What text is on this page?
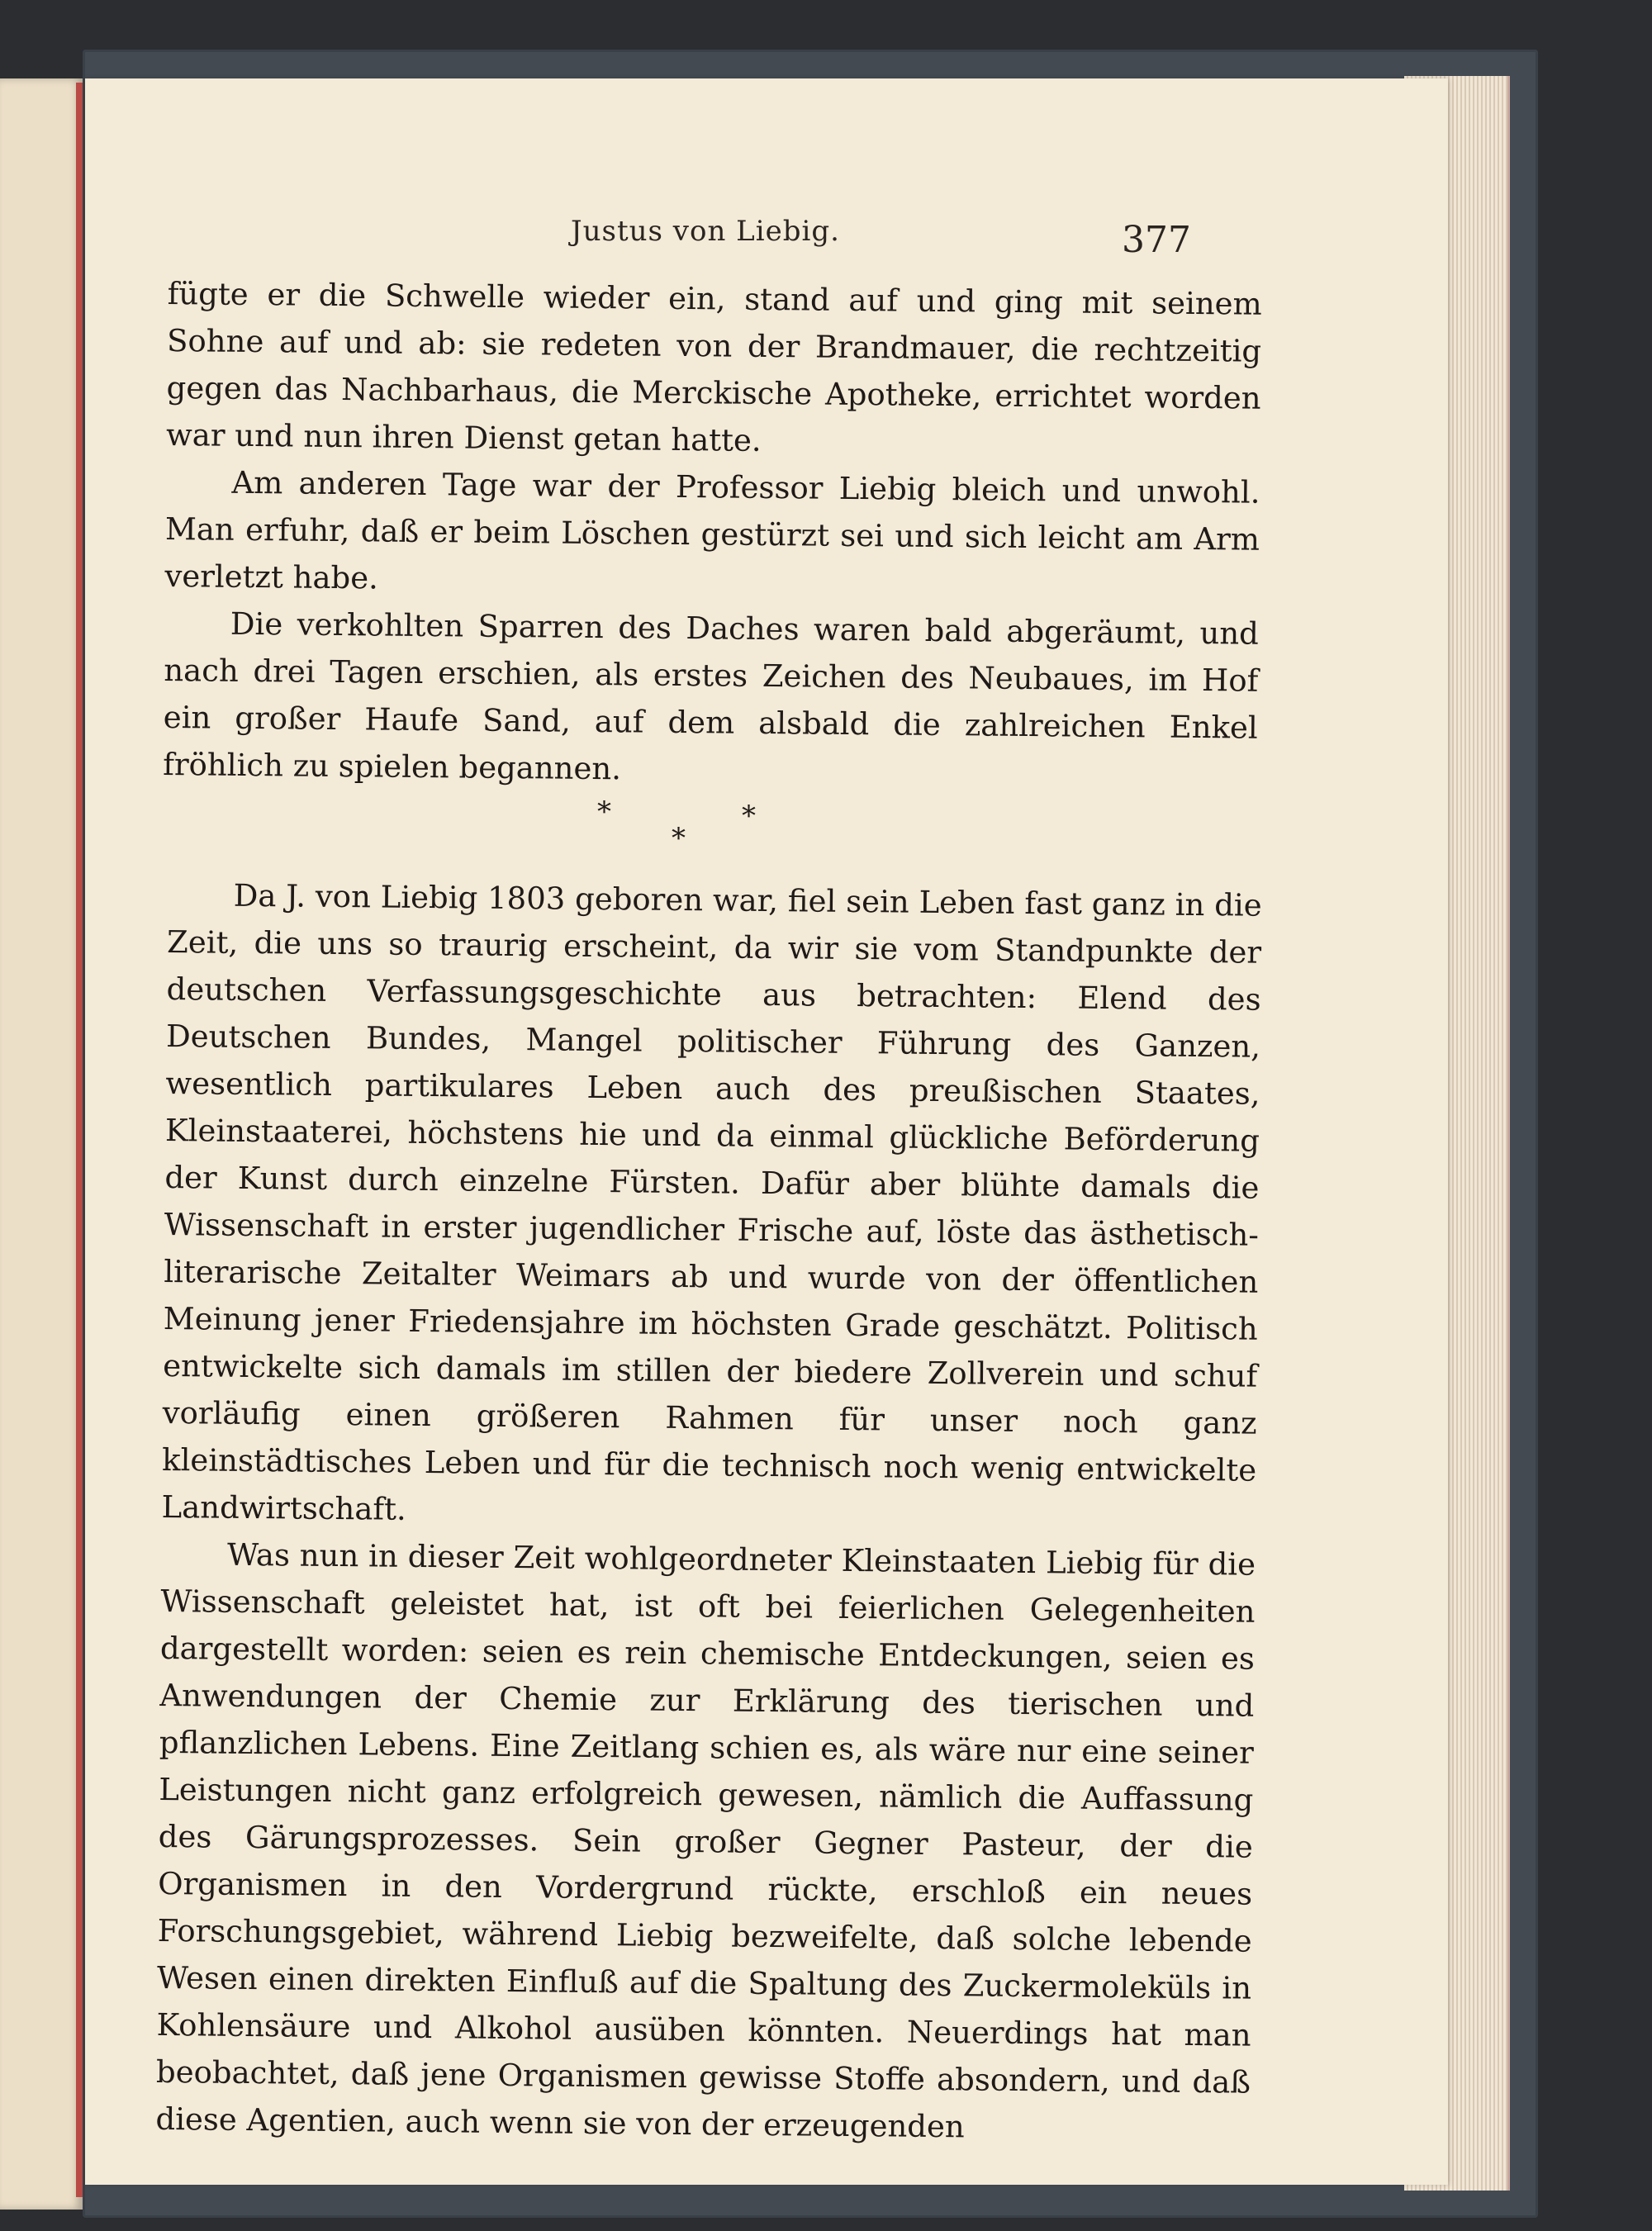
Justus von Liebig.	377

fügte er die Schwelle wieder ein, stand auf und ging mit seinem Sohne auf und ab: sie redeten von der Brandmauer, die rechtzeitig gegen das Nachbarhaus, die Merckische Apotheke, errichtet worden war und nun ihren Dienst getan hatte.

Am anderen Tage war der Professor Liebig bleich und unwohl. Man erfuhr, daß er beim Löschen gestürzt sei und sich leicht am Arm verletzt habe.

Die verkohlten Sparren des Daches waren bald abgeräumt, und nach drei Tagen erschien, als erstes Zeichen des Neubaues, im Hof ein großer Haufe Sand, auf dem alsbald die zahlreichen Enkel fröhlich zu spielen begannen.

*
*
*

Da J. von Liebig 1803 geboren war, fiel sein Leben fast ganz in die Zeit, die uns so traurig erscheint, da wir sie vom Standpunkte der deutschen Verfassungsgeschichte aus betrachten: Elend des Deutschen Bundes, Mangel politischer Führung des Ganzen, wesentlich partikulares Leben auch des preußischen Staates, Kleinstaaterei, höchstens hie und da einmal glückliche Beförderung der Kunst durch einzelne Fürsten. Dafür aber blühte damals die Wissenschaft in erster jugendlicher Frische auf, löste das ästhetisch-literarische Zeitalter Weimars ab und wurde von der öffentlichen Meinung jener Friedensjahre im höchsten Grade geschätzt. Politisch entwickelte sich damals im stillen der biedere Zollverein und schuf vorläufig einen größeren Rahmen für unser noch ganz kleinstädtisches Leben und für die technisch noch wenig entwickelte Landwirtschaft.

Was nun in dieser Zeit wohlgeordneter Kleinstaaten Liebig für die Wissenschaft geleistet hat, ist oft bei feierlichen Gelegenheiten dargestellt worden: seien es rein chemische Entdeckungen, seien es Anwendungen der Chemie zur Erklärung des tierischen und pflanzlichen Lebens. Eine Zeitlang schien es, als wäre nur eine seiner Leistungen nicht ganz erfolgreich gewesen, nämlich die Auffassung des Gärungsprozesses. Sein großer Gegner Pasteur, der die Organismen in den Vordergrund rückte, erschloß ein neues Forschungsgebiet, während Liebig bezweifelte, daß solche lebende Wesen einen direkten Einfluß auf die Spaltung des Zuckermoleküls in Kohlensäure und Alkohol ausüben könnten. Neuerdings hat man beobachtet, daß jene Organismen gewisse Stoffe absondern, und daß diese Agentien, auch wenn sie von der erzeugenden
